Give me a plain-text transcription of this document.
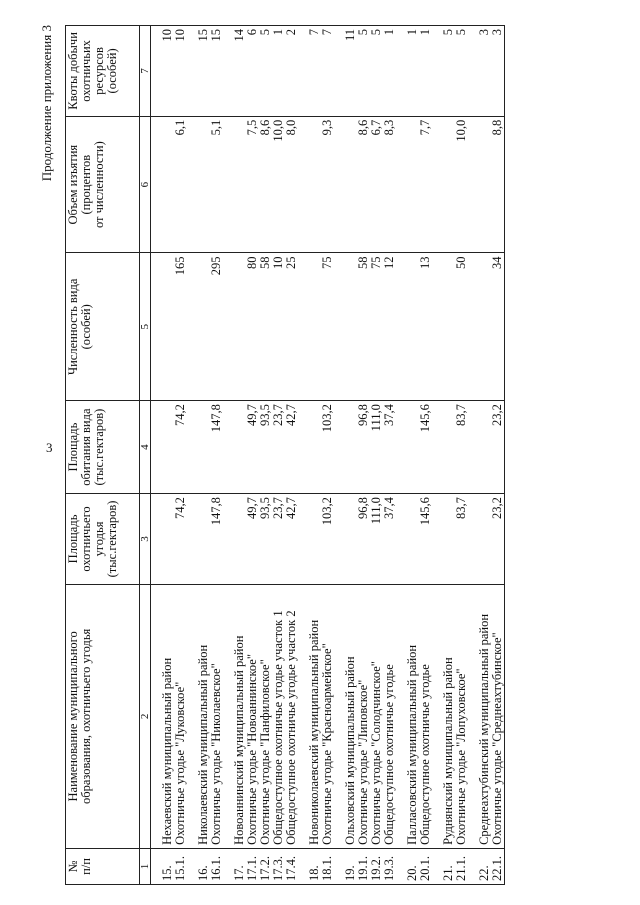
3
Продолжение приложения 3
№ п/п	Наименование муниципального образования, охотничьего угодья	Площадь охотничьего угодья (тыс.гектаров)	Площадь обитания вида (тыс.гектаров)	Численность вида (особей)	Объем изъятия (процентов от численности)	Квоты добычи охотничьих ресурсов (особей)

1	2	3	4	5	6	7

15.	Нехаевский муниципальный район					10
15.1.	Охотничье угодье "Луковское"	74,2	74,2	165	6,1	10

16.	Николаевский муниципальный район					15
16.1.	Охотничье угодье "Николаевское"	147,8	147,8	295	5,1	15

17.	Новоаннинский муниципальный район					14
17.1.	Охотничье угодье "Новоаннинское"	49,7	49,7	80	7,5	6
17.2.	Охотничье угодье "Панфиловское"	93,5	93,5	58	8,6	5
17.3.	Общедоступное охотничье угодье участок 1	23,7	23,7	10	10,0	1
17.4.	Общедоступное охотничье угодье участок 2	42,7	42,7	25	8,0	2

18.	Новониколаевский муниципальный район					7
18.1.	Охотничье угодье "Красноармейское"	103,2	103,2	75	9,3	7

19.	Ольховский муниципальный район					11
19.1.	Охотничье угодье "Липовское"	96,8	96,8	58	8,6	5
19.2.	Охотничье угодье "Солодчинское"	111,0	111,0	75	6,7	5
19.3.	Общедоступное охотничье угодье	37,4	37,4	12	8,3	1

20.	Палласовский муниципальный район					1
20.1.	Общедоступное охотничье угодье	145,6	145,6	13	7,7	1

21.	Руднянский муниципальный район					5
21.1.	Охотничье угодье "Лопуховское"	83,7	83,7	50	10,0	5

22.	Среднеахтубинский муниципальный район					3
22.1.	Охотничье угодье "Среднеахтубинское"	23,2	23,2	34	8,8	3
